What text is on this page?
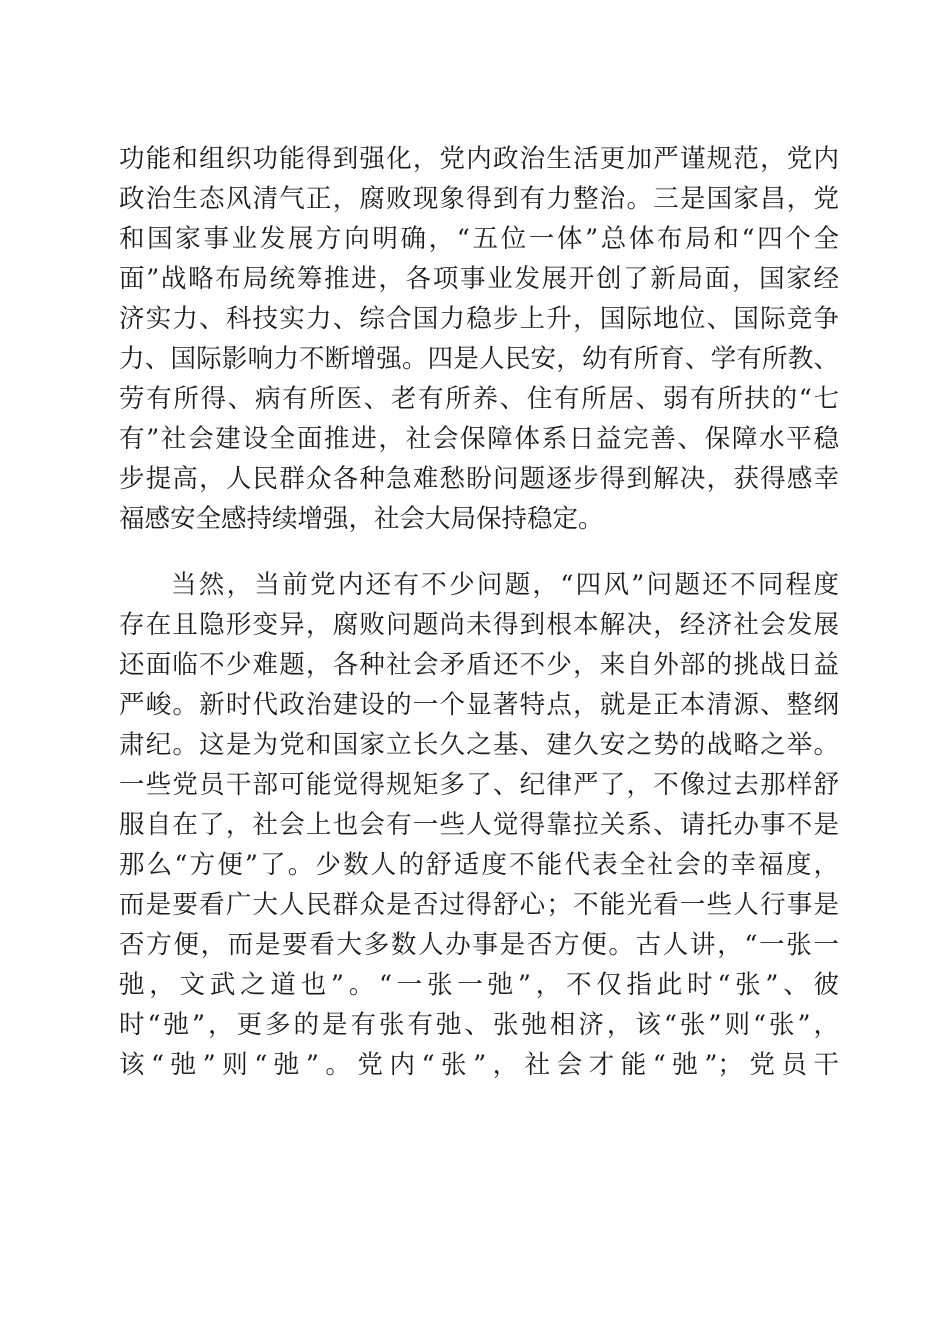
功能和组织功能得到强化，党内政治生活更加严谨规范，党内
政治生态风清气正，腐败现象得到有力整治。三是国家昌，党
和国家事业发展方向明确，“五位一体”总体布局和“四个全
面”战略布局统筹推进，各项事业发展开创了新局面，国家经
济实力、科技实力、综合国力稳步上升，国际地位、国际竞争
力、国际影响力不断增强。四是人民安，幼有所育、学有所教、
劳有所得、病有所医、老有所养、住有所居、弱有所扶的“七
有”社会建设全面推进，社会保障体系日益完善、保障水平稳
步提高，人民群众各种急难愁盼问题逐步得到解决，获得感幸
福感安全感持续增强，社会大局保持稳定。
当然，当前党内还有不少问题，“四风”问题还不同程度
存在且隐形变异，腐败问题尚未得到根本解决，经济社会发展
还面临不少难题，各种社会矛盾还不少，来自外部的挑战日益
严峻。新时代政治建设的一个显著特点，就是正本清源、整纲
肃纪。这是为党和国家立长久之基、建久安之势的战略之举。
一些党员干部可能觉得规矩多了、纪律严了，不像过去那样舒
服自在了，社会上也会有一些人觉得靠拉关系、请托办事不是
那么“方便”了。少数人的舒适度不能代表全社会的幸福度，
而是要看广大人民群众是否过得舒心；不能光看一些人行事是
否方便，而是要看大多数人办事是否方便。古人讲，“一张一
弛，文武之道也”。“一张一弛”，不仅指此时“张”、彼
时“弛”，更多的是有张有弛、张弛相济，该“张”则“张”，
该“弛”则“弛”。党内“张”，社会才能“弛”；党员干
